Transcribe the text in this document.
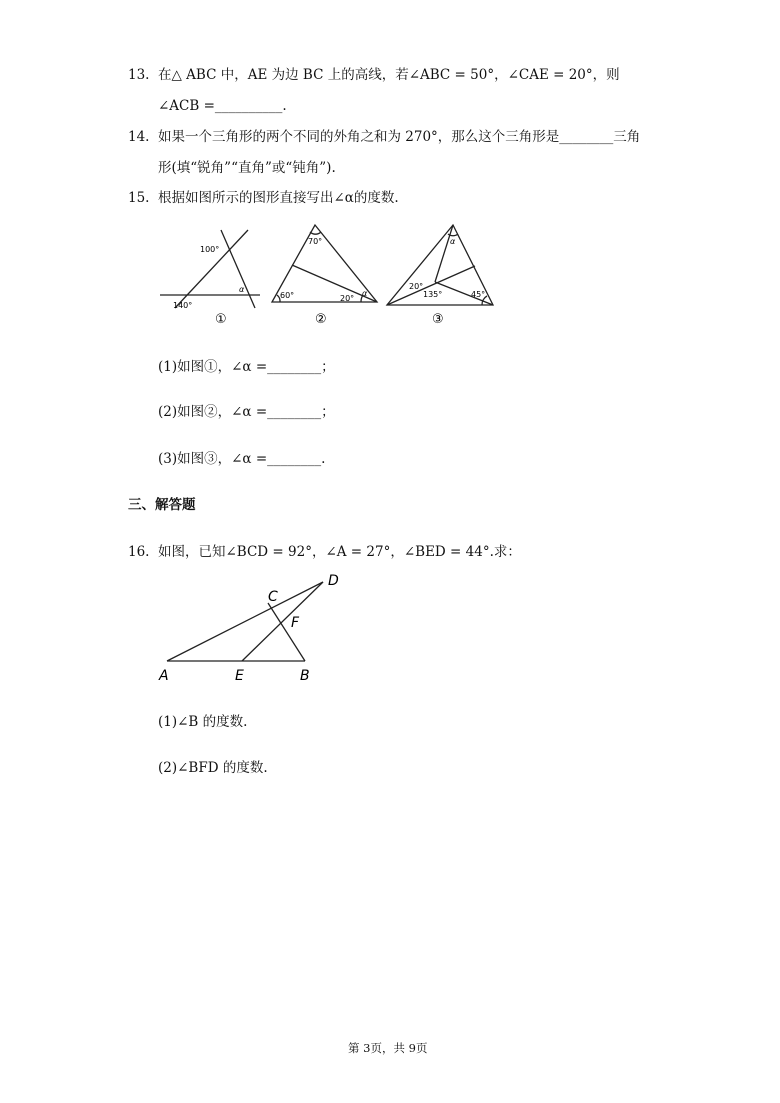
13. 在△ ABC 中，AE 为边 BC 上的高线，若∠ABC = 50°，∠CAE = 20°，则
∠ACB =__________.
14. 如果一个三角形的两个不同的外角之和为 270°，那么这个三角形是________三角
形(填“锐角”“直角”或“钝角”).
15. 根据如图所示的图形直接写出∠α的度数.
100°
140°
α
①
70°
60°	20°
α
②
20°
135°	45°
α
③
(1)如图①，∠α =________；
(2)如图②，∠α =________；
(3)如图③，∠α =________.
三、解答题
16. 如图，已知∠BCD = 92°，∠A = 27°，∠BED = 44°.求：
A	E	B
C
D
F
(1)∠B 的度数.
(2)∠BFD 的度数.
第 3页，共 9页
